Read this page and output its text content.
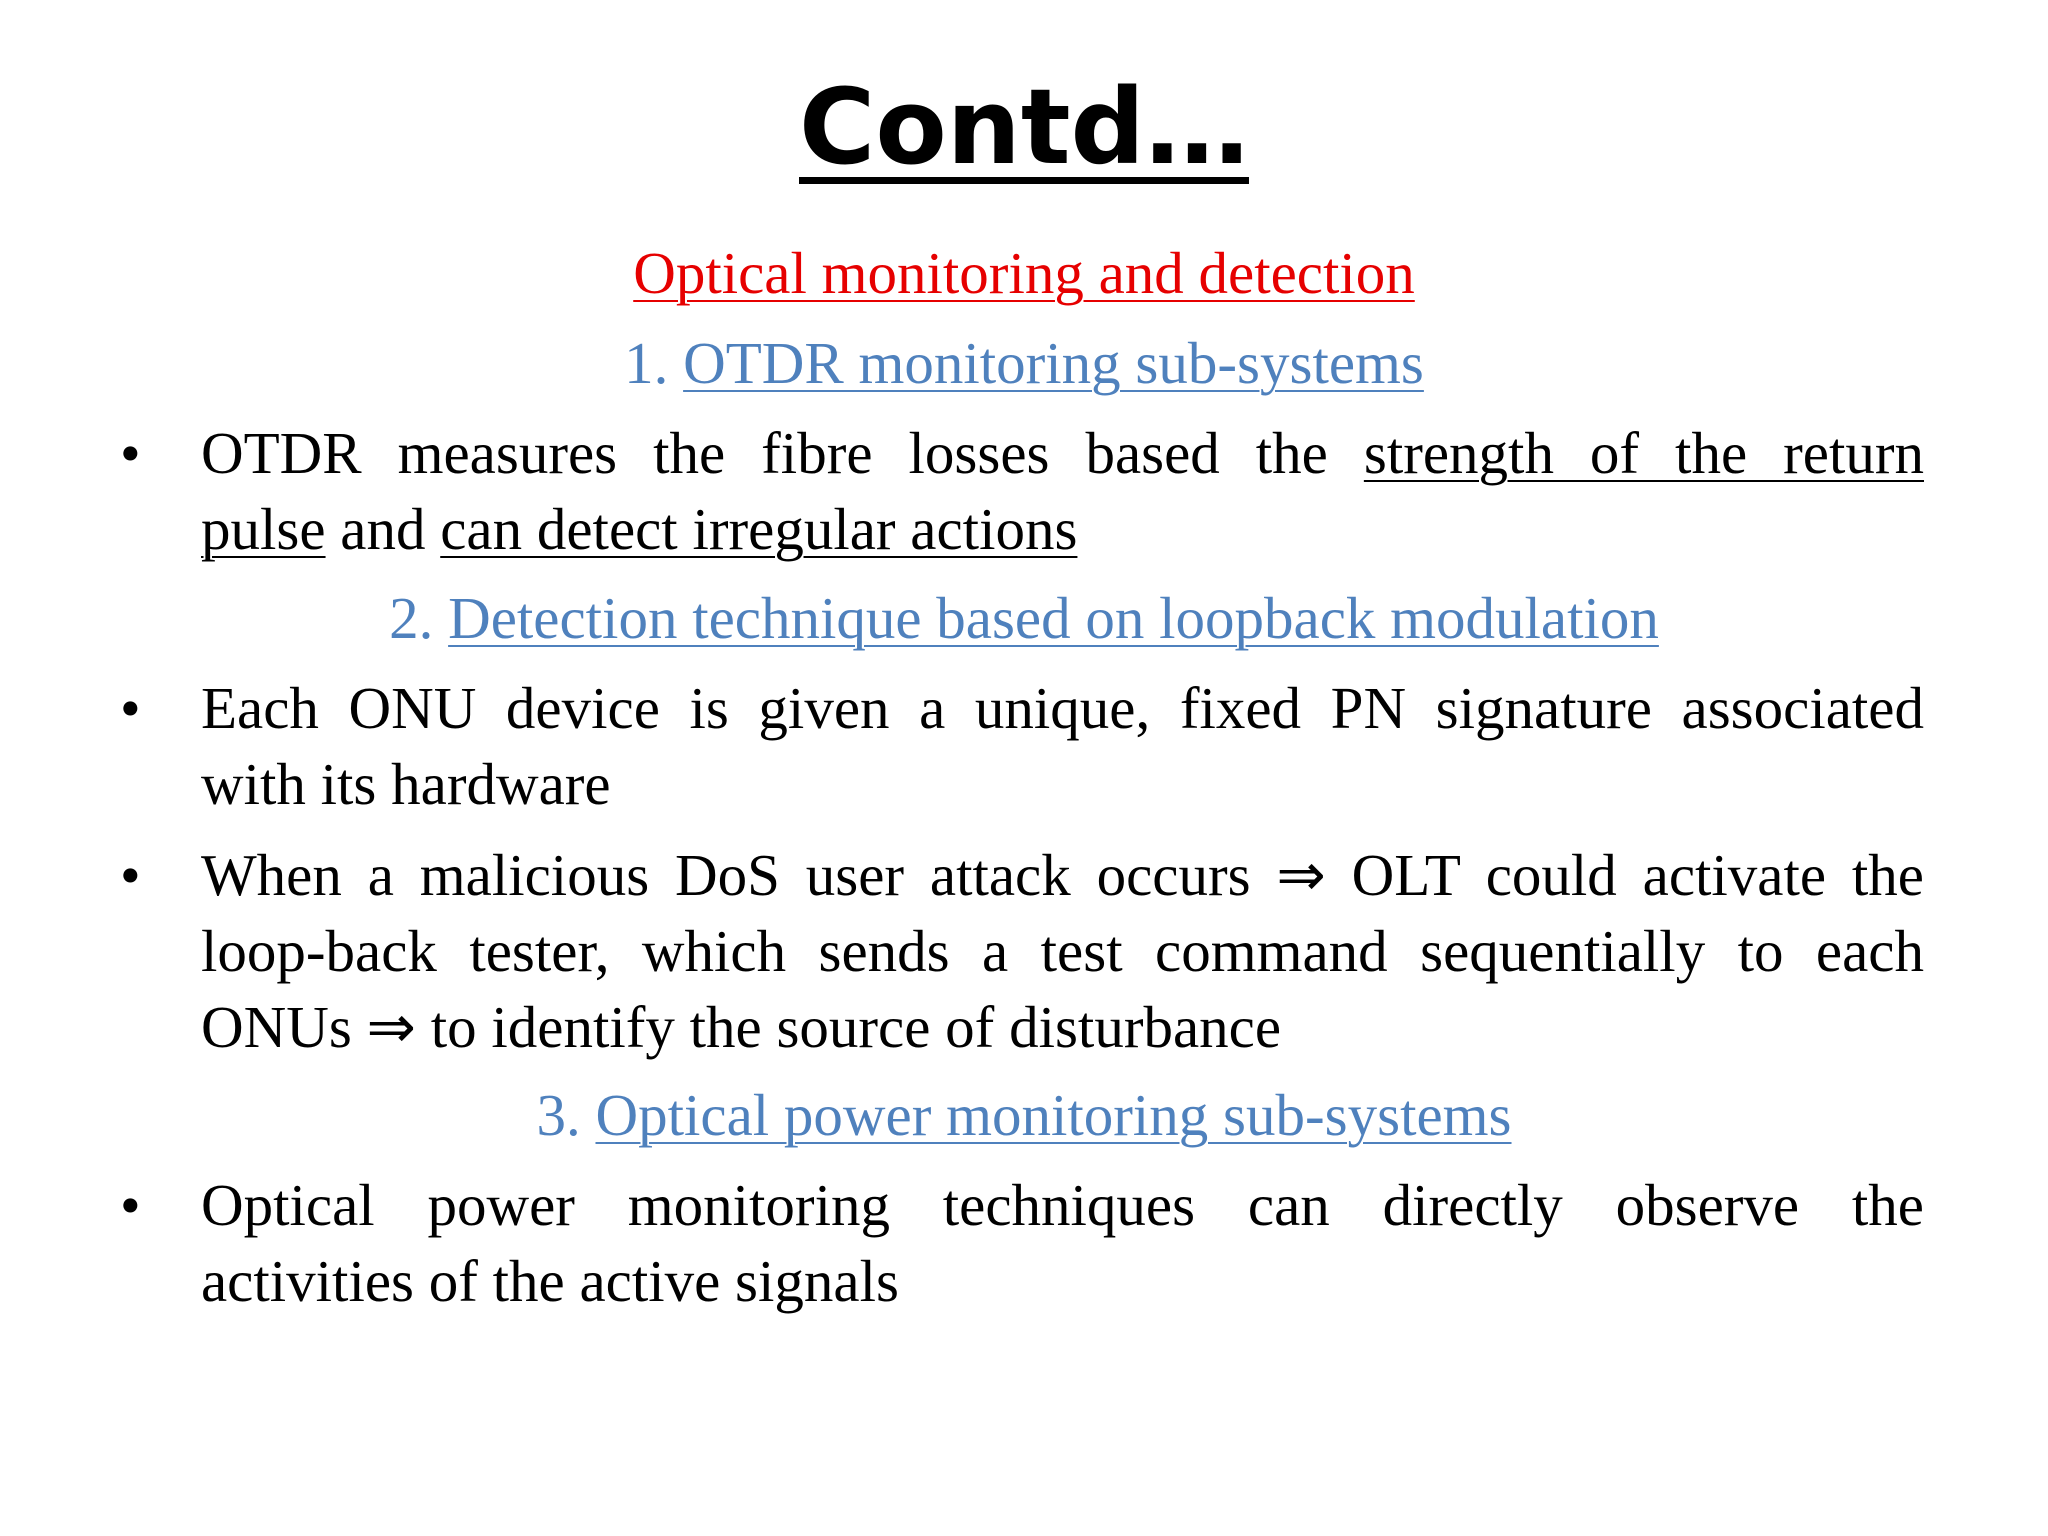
Contd…
Optical monitoring and detection
1. OTDR monitoring sub-systems
• OTDR measures the fibre losses based the strength of the return
pulse and can detect irregular actions
2. Detection technique based on loopback modulation
• Each ONU device is given a unique, fixed PN signature associated
with its hardware
• When a malicious DoS user attack occurs ⇒ OLT could activate the
loop-back tester, which sends a test command sequentially to each
ONUs ⇒ to identify the source of disturbance
3. Optical power monitoring sub-systems
• Optical power monitoring techniques can directly observe the
activities of the active signals
